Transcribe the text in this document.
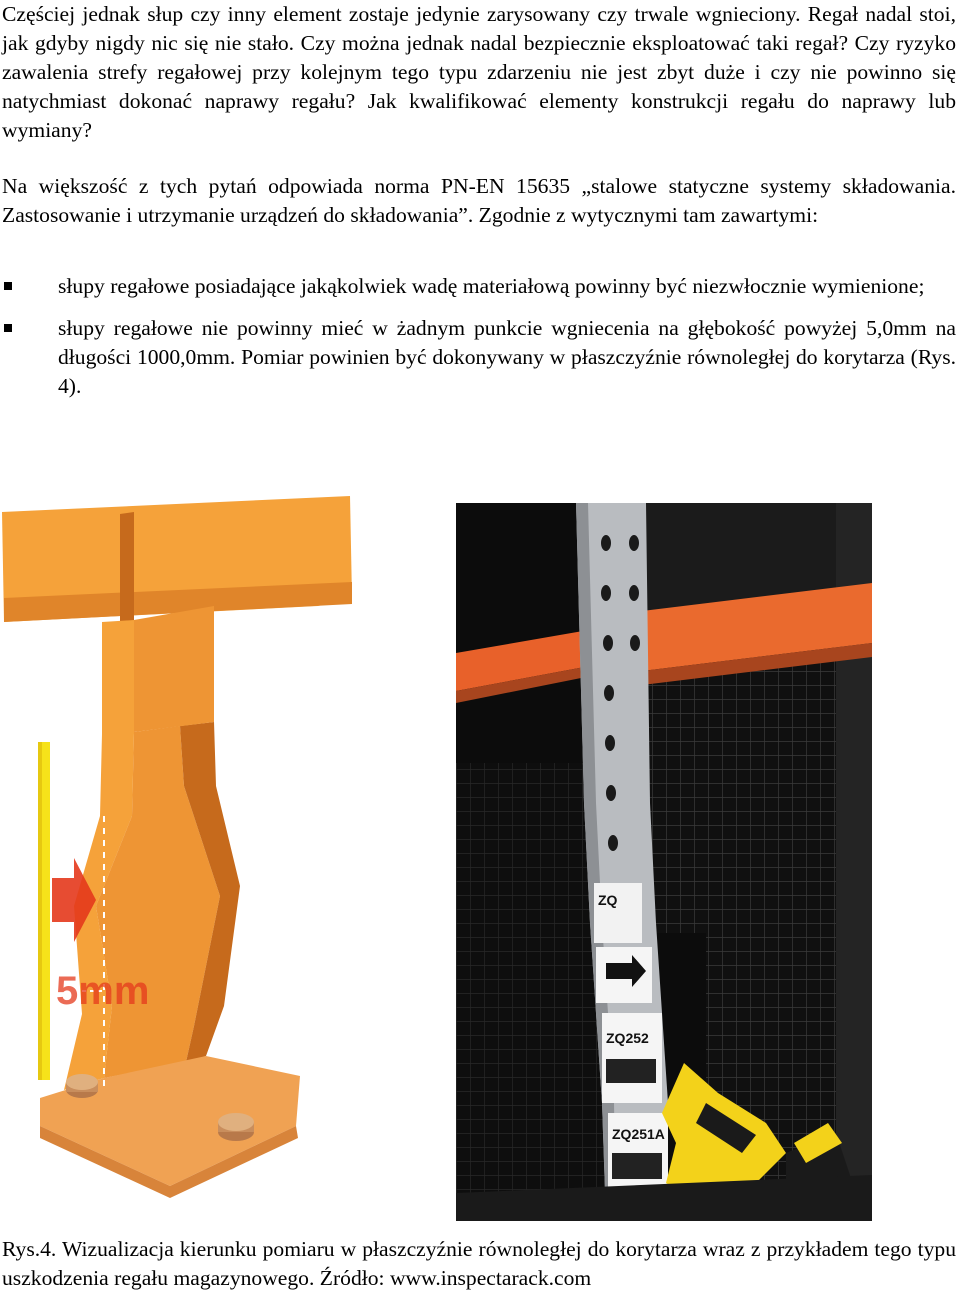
Częściej jednak słup czy inny element zostaje jedynie zarysowany czy trwale wgnieciony. Regał nadal stoi, jak gdyby nigdy nic się nie stało. Czy można jednak nadal bezpiecznie eksploatować taki regał? Czy ryzyko zawalenia strefy regałowej przy kolejnym tego typu zdarzeniu nie jest zbyt duże i czy nie powinno się natychmiast dokonać naprawy regału? Jak kwalifikować elementy konstrukcji regału do naprawy lub wymiany?

Na większość z tych pytań odpowiada norma PN-EN 15635 „stalowe statyczne systemy składowania. Zastosowanie i utrzymanie urządzeń do składowania”. Zgodnie z wytycznymi tam zawartymi:

słupy regałowe posiadające jakąkolwiek wadę materiałową powinny być niezwłocznie wymienione;
słupy regałowe nie powinny mieć w żadnym punkcie wgniecenia na głębokość powyżej 5,0mm na długości 1000,0mm. Pomiar powinien być dokonywany w płaszczyźnie równoległej do korytarza (Rys. 4).
5mm
ZQ
ZQ252
ZQ251A

Rys.4. Wizualizacja kierunku pomiaru w płaszczyźnie równoległej do korytarza wraz z przykładem tego typu uszkodzenia regału magazynowego. Źródło: www.inspectarack.com
